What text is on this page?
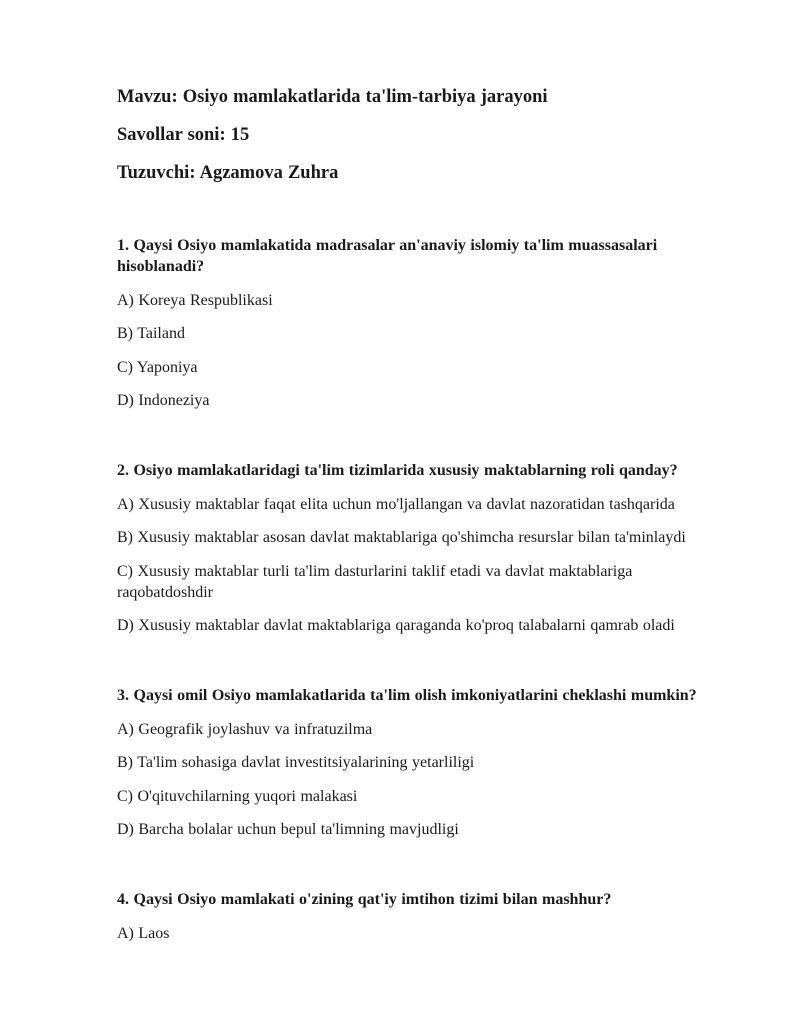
Mavzu: Osiyo mamlakatlarida ta'lim-tarbiya jarayoni

Savollar soni: 15

Tuzuvchi: Agzamova Zuhra

1. Qaysi Osiyo mamlakatida madrasalar an'anaviy islomiy ta'lim muassasalari hisoblanadi?

A) Koreya Respublikasi

B) Tailand

C) Yaponiya

D) Indoneziya

2. Osiyo mamlakatlaridagi ta'lim tizimlarida xususiy maktablarning roli qanday?

A) Xususiy maktablar faqat elita uchun mo'ljallangan va davlat nazoratidan tashqarida

B) Xususiy maktablar asosan davlat maktablariga qo'shimcha resurslar bilan ta'minlaydi

C) Xususiy maktablar turli ta'lim dasturlarini taklif etadi va davlat maktablariga raqobatdoshdir

D) Xususiy maktablar davlat maktablariga qaraganda ko'proq talabalarni qamrab oladi

3. Qaysi omil Osiyo mamlakatlarida ta'lim olish imkoniyatlarini cheklashi mumkin?

A) Geografik joylashuv va infratuzilma

B) Ta'lim sohasiga davlat investitsiyalarining yetarliligi

C) O'qituvchilarning yuqori malakasi

D) Barcha bolalar uchun bepul ta'limning mavjudligi

4. Qaysi Osiyo mamlakati o'zining qat'iy imtihon tizimi bilan mashhur?

A) Laos
